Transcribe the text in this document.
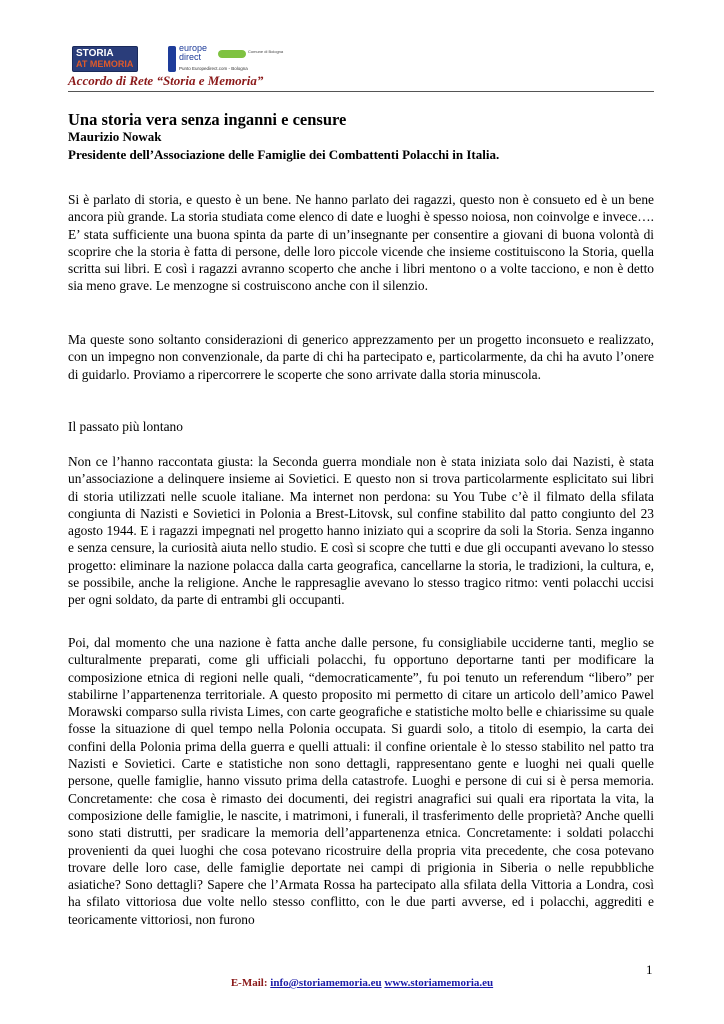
STORIA
AT MEMORIA
europe direct
Punto Europedirect.com - Bologna
Comune di Bologna
Accordo di Rete “Storia e Memoria”
Una storia vera senza inganni e censure
Maurizio Nowak
Presidente dell’Associazione delle Famiglie dei Combattenti Polacchi in Italia.

Si è parlato di storia, e questo è un bene. Ne hanno parlato dei ragazzi, questo non è consueto ed è un bene ancora più grande. La storia studiata come elenco di date e luoghi è spesso noiosa, non coinvolge e invece…. E’ stata sufficiente una buona spinta da parte di un’insegnante per consentire a giovani di buona volontà di scoprire che la storia è fatta di persone, delle loro piccole vicende che insieme costituiscono la Storia, quella scritta sui libri. E così i ragazzi avranno scoperto che anche i libri mentono o a volte tacciono, e non è detto sia meno grave. Le menzogne si costruiscono anche con il silenzio.

Ma queste sono soltanto considerazioni di generico apprezzamento per un progetto inconsueto e realizzato, con un impegno non convenzionale, da parte di chi ha partecipato e, particolarmente, da chi ha avuto l’onere di guidarlo. Proviamo a ripercorrere le scoperte che sono arrivate dalla storia minuscola.

Il passato più lontano

Non ce l’hanno raccontata giusta: la Seconda guerra mondiale non è stata iniziata solo dai Nazisti, è stata un’associazione a delinquere insieme ai Sovietici. E questo non si trova particolarmente esplicitato sui libri di storia utilizzati nelle scuole italiane. Ma internet non perdona: su You Tube c’è il filmato della sfilata congiunta di Nazisti e Sovietici in Polonia a Brest-Litovsk, sul confine stabilito dal patto congiunto del 23 agosto 1944. E i ragazzi impegnati nel progetto hanno iniziato qui a scoprire da soli la Storia. Senza inganno e senza censure, la curiosità aiuta nello studio. E così si scopre che tutti e due gli occupanti avevano lo stesso progetto: eliminare la nazione polacca dalla carta geografica, cancellarne la storia, le tradizioni, la cultura, e, se possibile, anche la religione. Anche le rappresaglie avevano lo stesso tragico ritmo: venti polacchi uccisi per ogni soldato, da parte di entrambi gli occupanti.

Poi, dal momento che una nazione è fatta anche dalle persone, fu consigliabile ucciderne tanti, meglio se culturalmente preparati, come gli ufficiali polacchi, fu opportuno deportarne tanti per modificare la composizione etnica di regioni nelle quali, “democraticamente”, fu poi tenuto un referendum “libero” per stabilirne l’appartenenza territoriale. A questo proposito mi permetto di citare un articolo dell’amico Pawel Morawski comparso sulla rivista Limes, con carte geografiche e statistiche molto belle e chiarissime su quale fosse la situazione di quel tempo nella Polonia occupata. Si guardi solo, a titolo di esempio, la carta dei confini della Polonia prima della guerra e quelli attuali: il confine orientale è lo stesso stabilito nel patto tra Nazisti e Sovietici. Carte e statistiche non sono dettagli, rappresentano gente e luoghi nei quali quelle persone, quelle famiglie, hanno vissuto prima della catastrofe. Luoghi e persone di cui si è persa memoria. Concretamente: che cosa è rimasto dei documenti, dei registri anagrafici sui quali era riportata la vita, la composizione delle famiglie, le nascite, i matrimoni, i funerali, il trasferimento delle proprietà? Anche quelli sono stati distrutti, per sradicare la memoria dell’appartenenza etnica. Concretamente: i soldati polacchi provenienti da quei luoghi che cosa potevano ricostruire della propria vita precedente, che cosa potevano trovare delle loro case, delle famiglie deportate nei campi di prigionia in Siberia o nelle repubbliche asiatiche? Sono dettagli? Sapere che l’Armata Rossa ha partecipato alla sfilata della Vittoria a Londra, così ha sfilato vittoriosa due volte nello stesso conflitto, con le due parti avverse, ed i polacchi, aggrediti e teoricamente vittoriosi, non furono

1
E-Mail: info@storiamemoria.eu www.storiamemoria.eu
